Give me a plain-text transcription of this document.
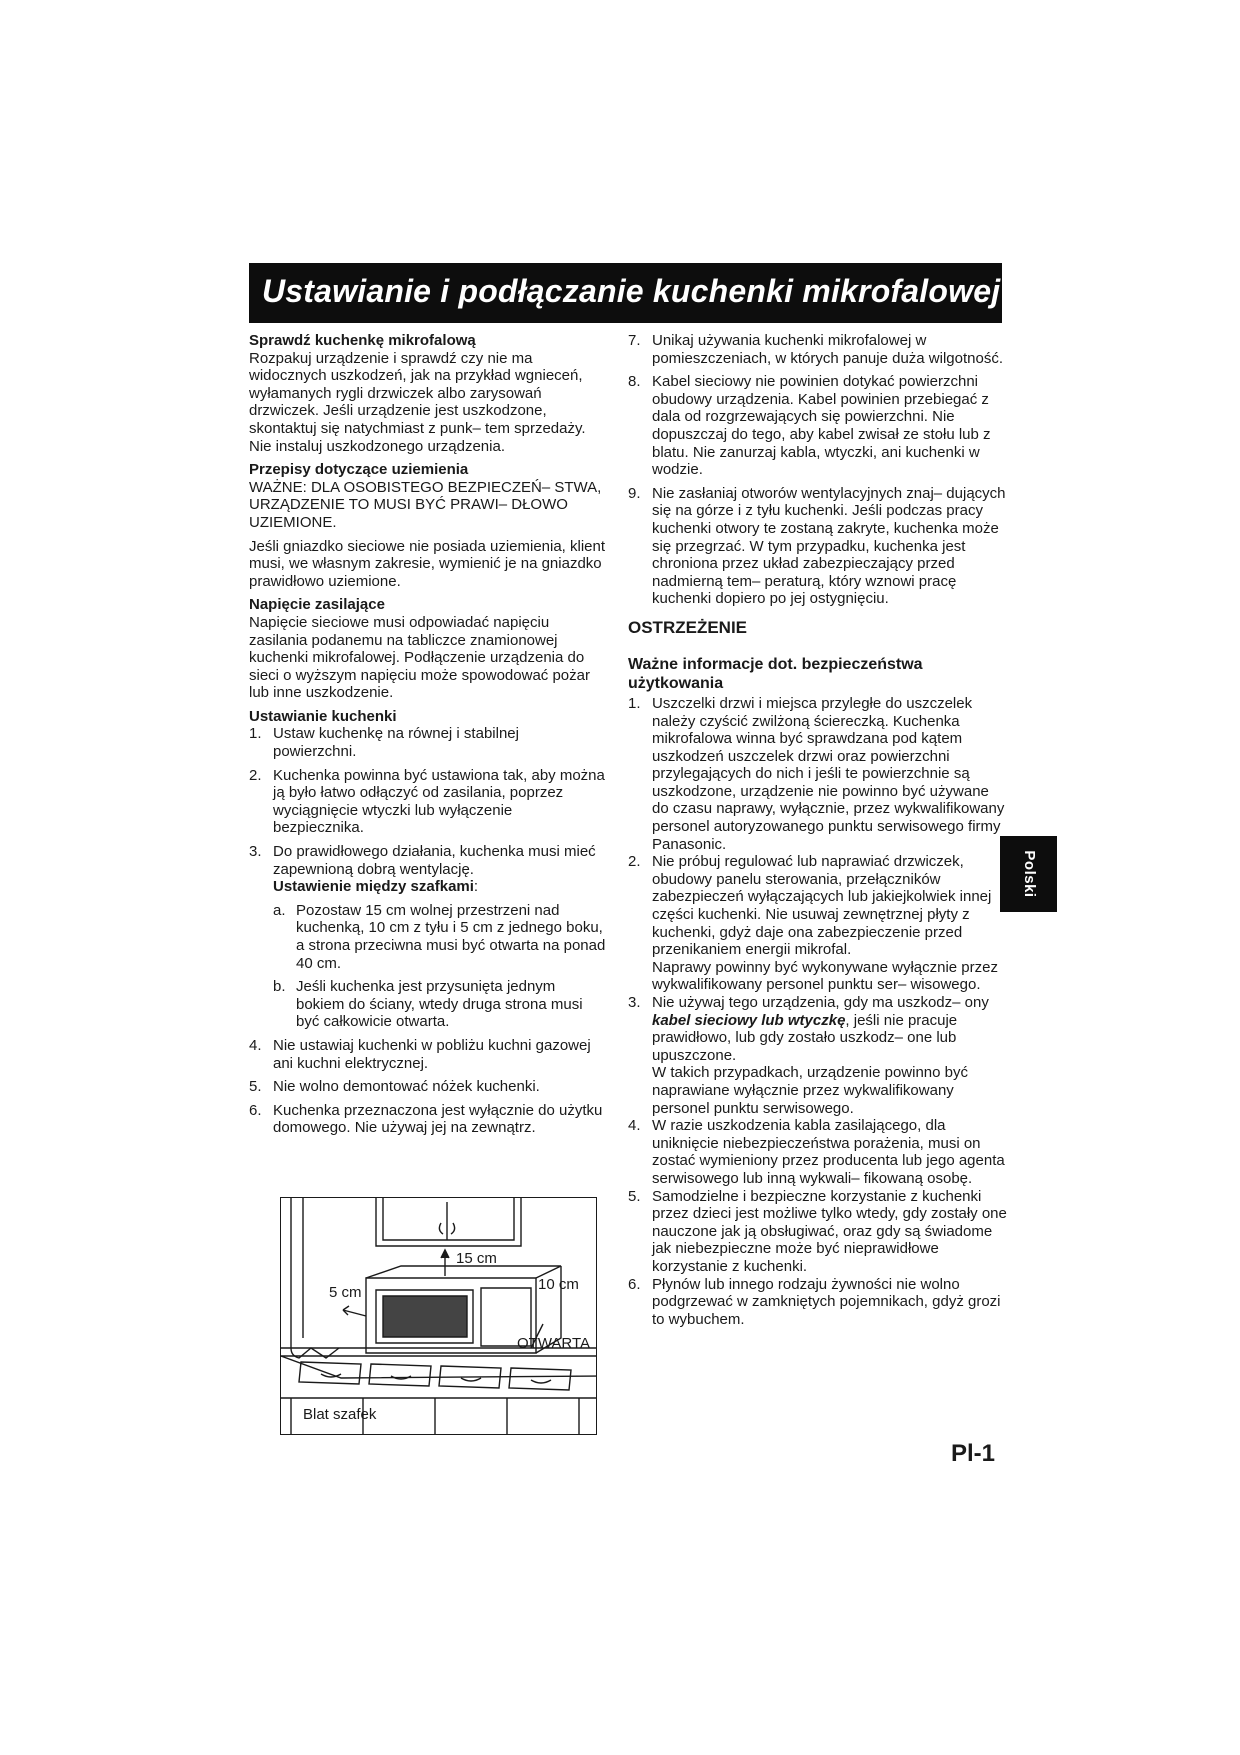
Ustawianie i podłączanie kuchenki mikrofalowej

Sprawdź kuchenkę mikrofalową

Rozpakuj urządzenie i sprawdź czy nie ma widocznych uszkodzeń, jak na przykład wgnieceń, wyłamanych rygli drzwiczek albo zarysowań drzwiczek. Jeśli urządzenie jest uszkodzone, skontaktuj się natychmiast z punk– tem sprzedaży. Nie instaluj uszkodzonego urządzenia.

Przepisy dotyczące uziemienia

WAŻNE: DLA OSOBISTEGO BEZPIECZEŃ– STWA, URZĄDZENIE TO MUSI BYĆ PRAWI– DŁOWO UZIEMIONE.

Jeśli gniazdko sieciowe nie posiada uziemienia, klient musi, we własnym zakresie, wymienić je na gniazdko prawidłowo uziemione.

Napięcie zasilające

Napięcie sieciowe musi odpowiadać napięciu zasilania podanemu na tabliczce znamionowej kuchenki mikrofalowej. Podłączenie urządzenia do sieci o wyższym napięciu może spowodować pożar lub inne uszkodzenie.

Ustawianie kuchenki

1. Ustaw kuchenkę na równej i stabilnej powierzchni.
2. Kuchenka powinna być ustawiona tak, aby można ją było łatwo odłączyć od zasilania, poprzez wyciągnięcie wtyczki lub wyłączenie bezpiecznika.
3. Do prawidłowego działania, kuchenka musi mieć zapewnioną dobrą wentylację.
Ustawienie między szafkami:
a. Pozostaw 15 cm wolnej przestrzeni nad kuchenką, 10 cm z tyłu i 5 cm z jednego boku, a strona przeciwna musi być otwarta na ponad 40 cm.
b. Jeśli kuchenka jest przysunięta jednym bokiem do ściany, wtedy druga strona musi być całkowicie otwarta.
4. Nie ustawiaj kuchenki w pobliżu kuchni gazowej ani kuchni elektrycznej.
5. Nie wolno demontować nóżek kuchenki.
6. Kuchenka przeznaczona jest wyłącznie do użytku domowego. Nie używaj jej na zewnątrz.
15 cm
5 cm	10 cm
OTWARTA
Blat szafek
7. Unikaj używania kuchenki mikrofalowej w pomieszczeniach, w których panuje duża wilgotność.
8. Kabel sieciowy nie powinien dotykać powierzchni obudowy urządzenia. Kabel powinien przebiegać z dala od rozgrzewających się powierzchni. Nie dopuszczaj do tego, aby kabel zwisał ze stołu lub z blatu. Nie zanurzaj kabla, wtyczki, ani kuchenki w wodzie.
9. Nie zasłaniaj otworów wentylacyjnych znaj– dujących się na górze i z tyłu kuchenki. Jeśli podczas pracy kuchenki otwory te zostaną zakryte, kuchenka może się przegrzać. W tym przypadku, kuchenka jest chroniona przez układ zabezpieczający przed nadmierną tem– peraturą, który wznowi pracę kuchenki dopiero po jej ostygnięciu.

OSTRZEŻENIE

Ważne informacje dot. bezpieczeństwa użytkowania

1. Uszczelki drzwi i miejsca przyległe do uszczelek należy czyścić zwilżoną ściereczką. Kuchenka mikrofalowa winna być sprawdzana pod kątem uszkodzeń uszczelek drzwi oraz powierzchni przylegających do nich i jeśli te powierzchnie są uszkodzone, urządzenie nie powinno być używane do czasu naprawy, wyłącznie, przez wykwalifikowany personel autoryzowanego punktu serwisowego firmy Panasonic.
2. Nie próbuj regulować lub naprawiać drzwiczek, obudowy panelu sterowania, przełączników zabezpieczeń wyłączających lub jakiejkolwiek innej części kuchenki. Nie usuwaj zewnętrznej płyty z kuchenki, gdyż daje ona zabezpieczenie przed przenikaniem energii mikrofal.
Naprawy powinny być wykonywane wyłącznie przez wykwalifikowany personel punktu ser– wisowego.
3. Nie używaj tego urządzenia, gdy ma uszkodz– ony kabel sieciowy lub wtyczkę, jeśli nie pracuje prawidłowo, lub gdy zostało uszkodz– one lub upuszczone.
W takich przypadkach, urządzenie powinno być naprawiane wyłącznie przez wykwalifikowany personel punktu serwisowego.
4. W razie uszkodzenia kabla zasilającego, dla uniknięcie niebezpieczeństwa porażenia, musi on zostać wymieniony przez producenta lub jego agenta serwisowego lub inną wykwali– fikowaną osobę.
5. Samodzielne i bezpieczne korzystanie z kuchenki przez dzieci jest możliwe tylko wtedy, gdy zostały one nauczone jak ją obsługiwać, oraz gdy są świadome jak niebezpieczne może być nieprawidłowe korzystanie z kuchenki.
6. Płynów lub innego rodzaju żywności nie wolno podgrzewać w zamkniętych pojemnikach, gdyż grozi to wybuchem.
Polski
Pl-1
